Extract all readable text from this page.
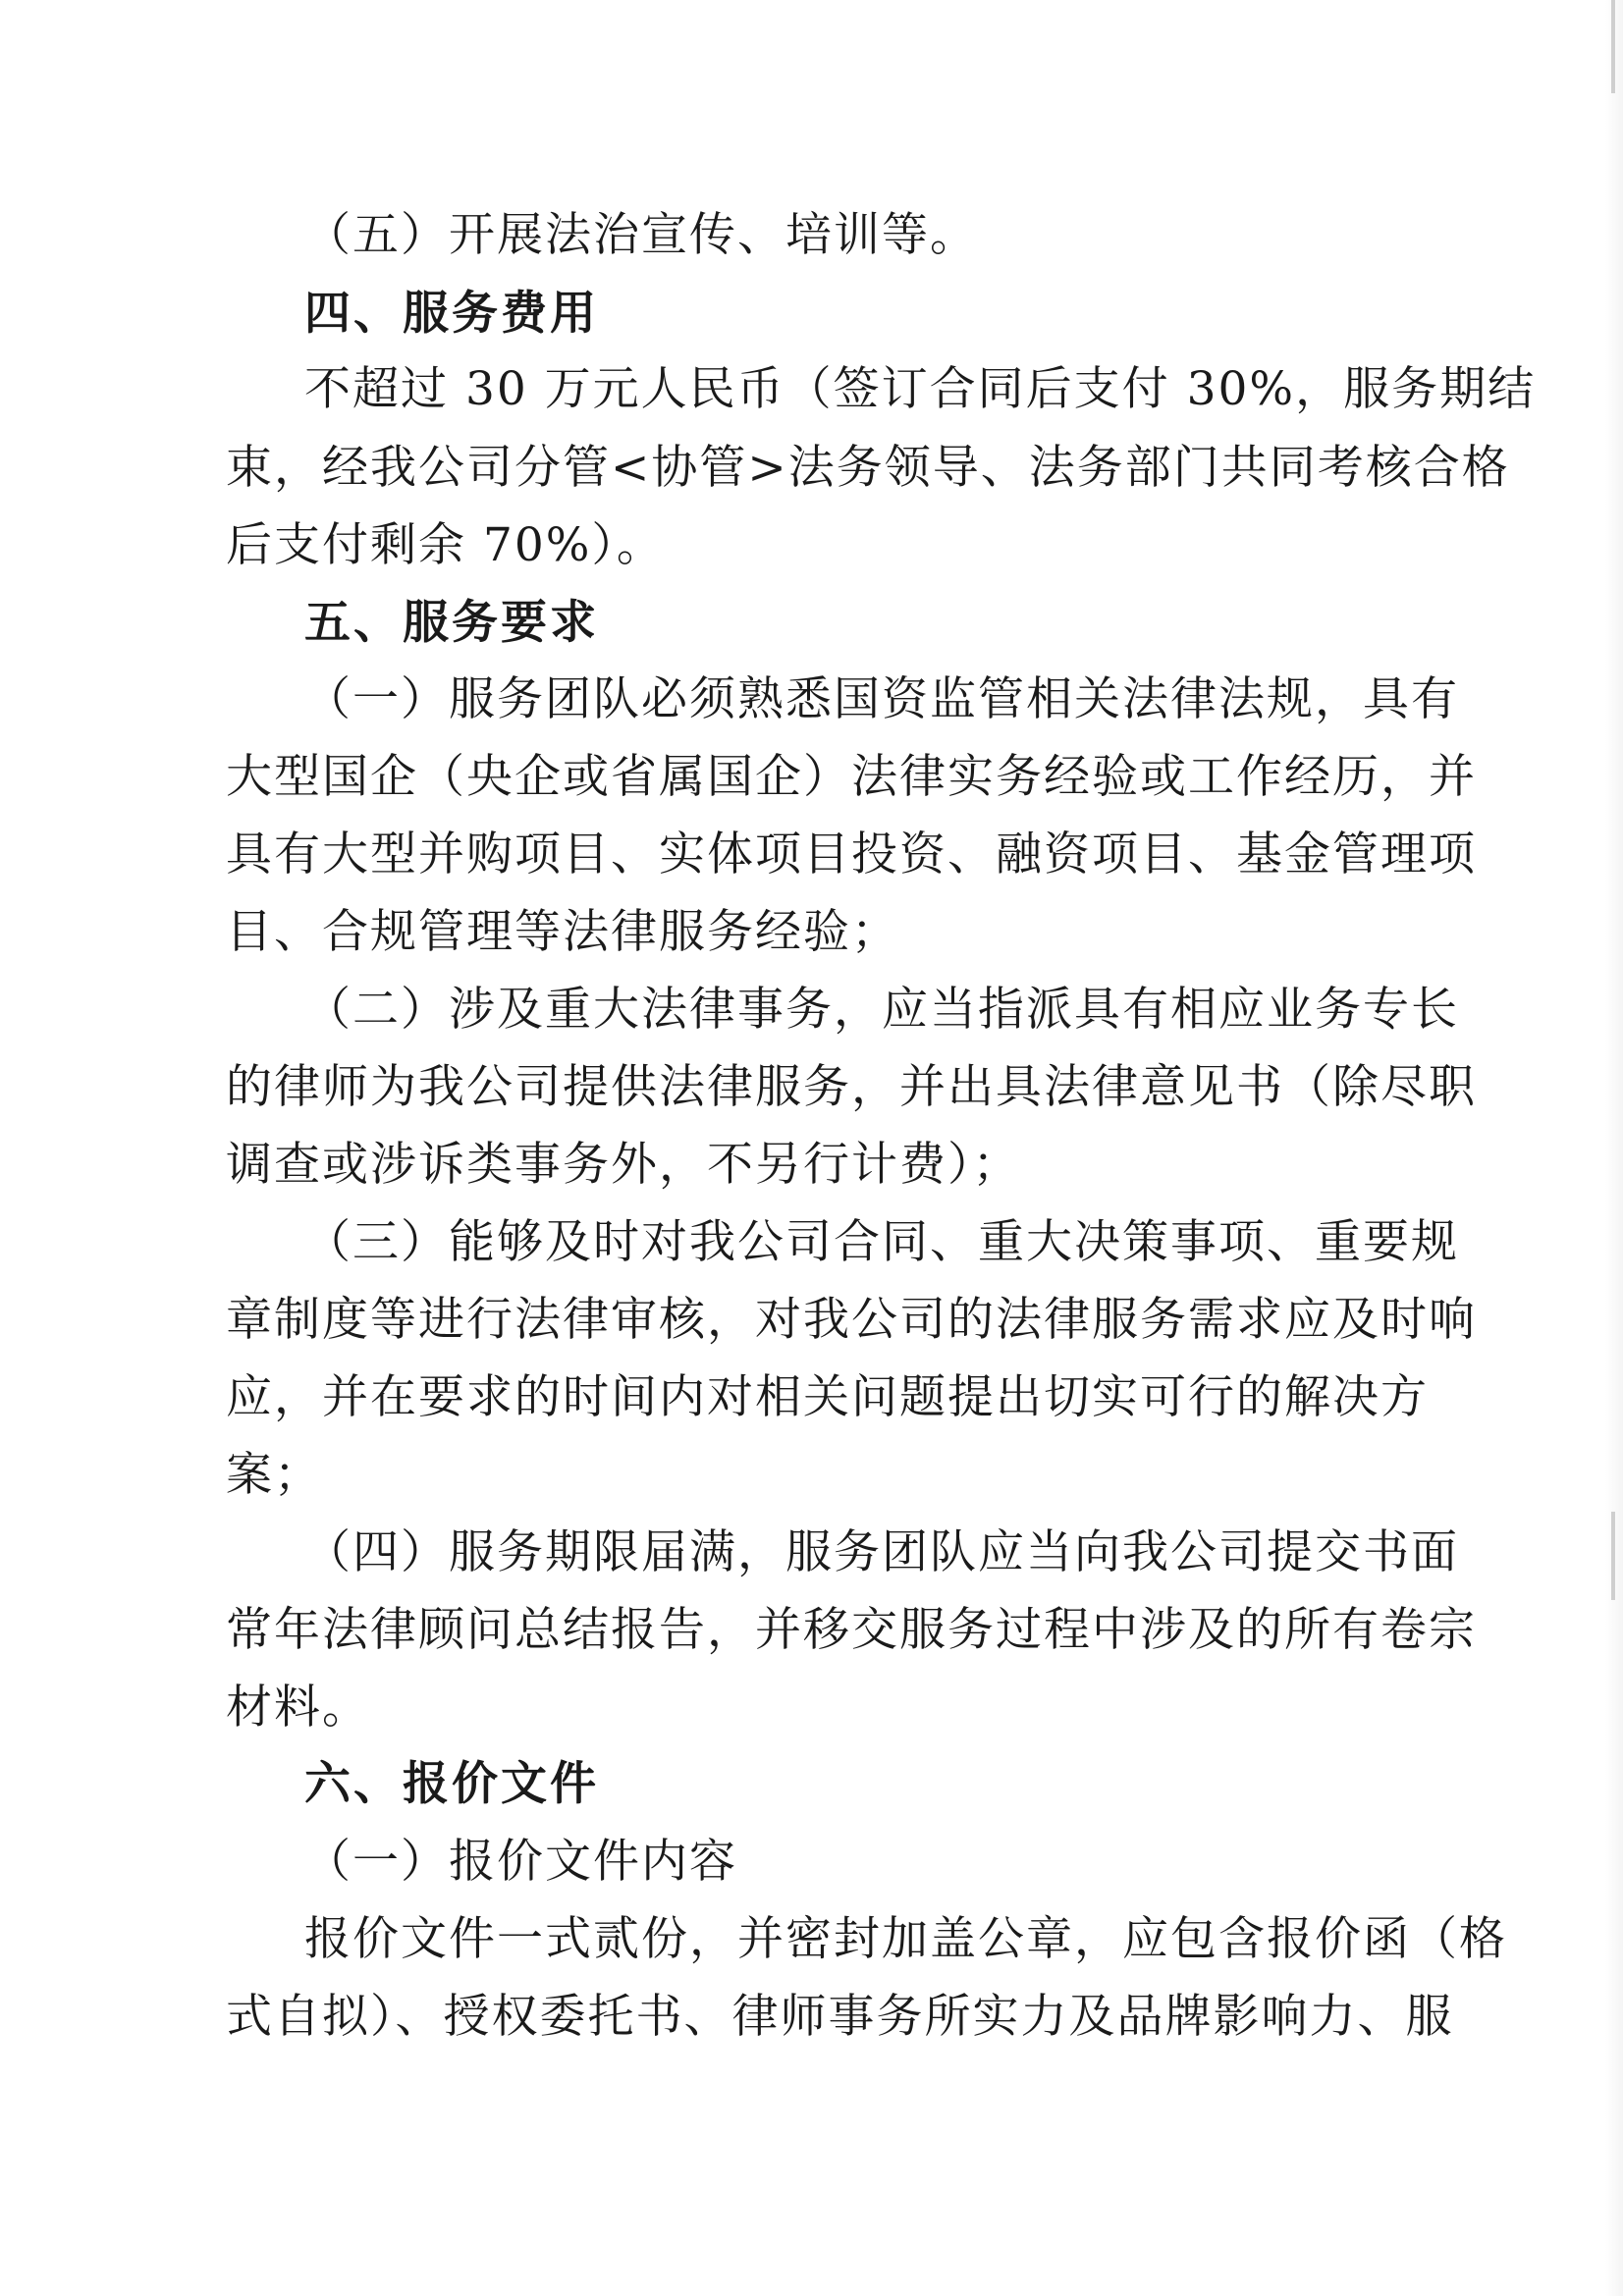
（五）开展法治宣传、培训等。
四、服务费用
不超过 30 万元人民币（签订合同后支付 30%，服务期结
束，经我公司分管<协管>法务领导、法务部门共同考核合格
后支付剩余 70%）。
五、服务要求
（一）服务团队必须熟悉国资监管相关法律法规，具有
大型国企（央企或省属国企）法律实务经验或工作经历，并
具有大型并购项目、实体项目投资、融资项目、基金管理项
目、合规管理等法律服务经验；
（二）涉及重大法律事务，应当指派具有相应业务专长
的律师为我公司提供法律服务，并出具法律意见书（除尽职
调查或涉诉类事务外，不另行计费）；
（三）能够及时对我公司合同、重大决策事项、重要规
章制度等进行法律审核，对我公司的法律服务需求应及时响
应，并在要求的时间内对相关问题提出切实可行的解决方
案；
（四）服务期限届满，服务团队应当向我公司提交书面
常年法律顾问总结报告，并移交服务过程中涉及的所有卷宗
材料。
六、报价文件
（一）报价文件内容
报价文件一式贰份，并密封加盖公章，应包含报价函（格
式自拟）、授权委托书、律师事务所实力及品牌影响力、服
